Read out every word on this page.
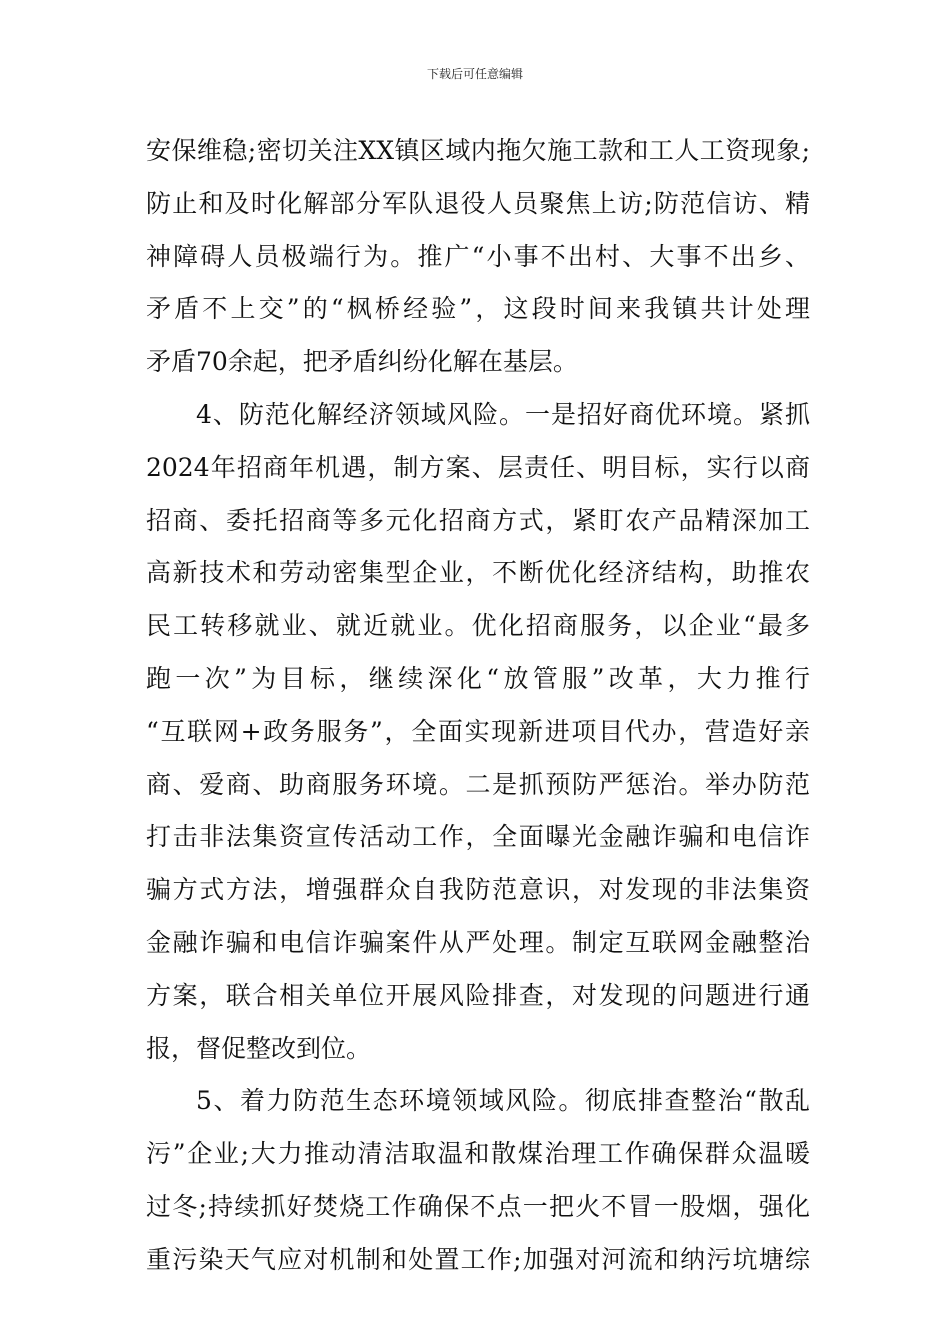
下载后可任意编辑
安保维稳;密切关注XX镇区域内拖欠施工款和工人工资现象;
防止和及时化解部分军队退役人员聚焦上访;防范信访、精
神障碍人员极端行为。推广“小事不出村、大事不出乡、
矛盾不上交”的“枫桥经验”，这段时间来我镇共计处理
矛盾70余起，把矛盾纠纷化解在基层。
4、防范化解经济领域风险。一是招好商优环境。紧抓
2024年招商年机遇，制方案、层责任、明目标，实行以商
招商、委托招商等多元化招商方式，紧盯农产品精深加工
高新技术和劳动密集型企业，不断优化经济结构，助推农
民工转移就业、就近就业。优化招商服务，以企业“最多
跑一次”为目标，继续深化“放管服”改革，大力推行
“互联网+政务服务”，全面实现新进项目代办，营造好亲
商、爱商、助商服务环境。二是抓预防严惩治。举办防范
打击非法集资宣传活动工作，全面曝光金融诈骗和电信诈
骗方式方法，增强群众自我防范意识，对发现的非法集资
金融诈骗和电信诈骗案件从严处理。制定互联网金融整治
方案，联合相关单位开展风险排查，对发现的问题进行通
报，督促整改到位。
5、着力防范生态环境领域风险。彻底排查整治“散乱
污”企业;大力推动清洁取温和散煤治理工作确保群众温暖
过冬;持续抓好焚烧工作确保不点一把火不冒一股烟，强化
重污染天气应对机制和处置工作;加强对河流和纳污坑塘综
